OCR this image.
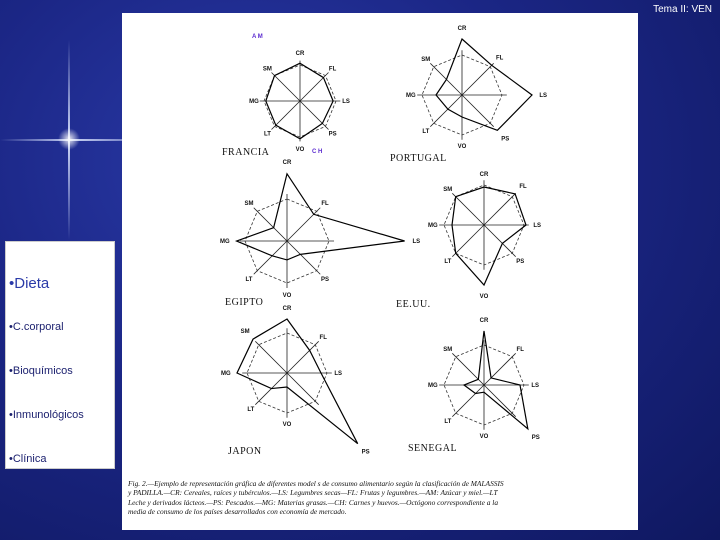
Tema II: VEN
•Dieta
•C.corporal
•Bioquímicos
•Inmunológicos
•Clínica
CR
FL
LS
PS
VO
LT
MG
SM
FRANCIA
CR
FL
LS
PS
VO
LT
MG
SM
PORTUGAL
CR
FL
LS
PS
VO
LT
MG
SM
EGIPTO
CR
FL
LS
PS
VO
LT
MG
SM
EE.UU.
CR
FL
LS
PS
VO
LT
MG
SM
JAPON
CR
FL
LS
PS
VO
LT
MG
SM
SENEGAL
A M
C H
Fig. 2.—Ejemplo de representación gráfica de diferentes model s de consumo alimentario según la clasificación de MALASSIS
y PADILLA.—CR: Cereales, raíces y tubérculos.—LS: Legumbres secas—FL: Frutas y legumbres.—AM: Azúcar y miel.—LT
Leche y derivados lácteos.—PS: Pescados.—MG: Materias grasas.—CH: Carnes y huevos.—Octógono correspondiente a la
media de consumo de los países desarrollados con economía de mercado.
